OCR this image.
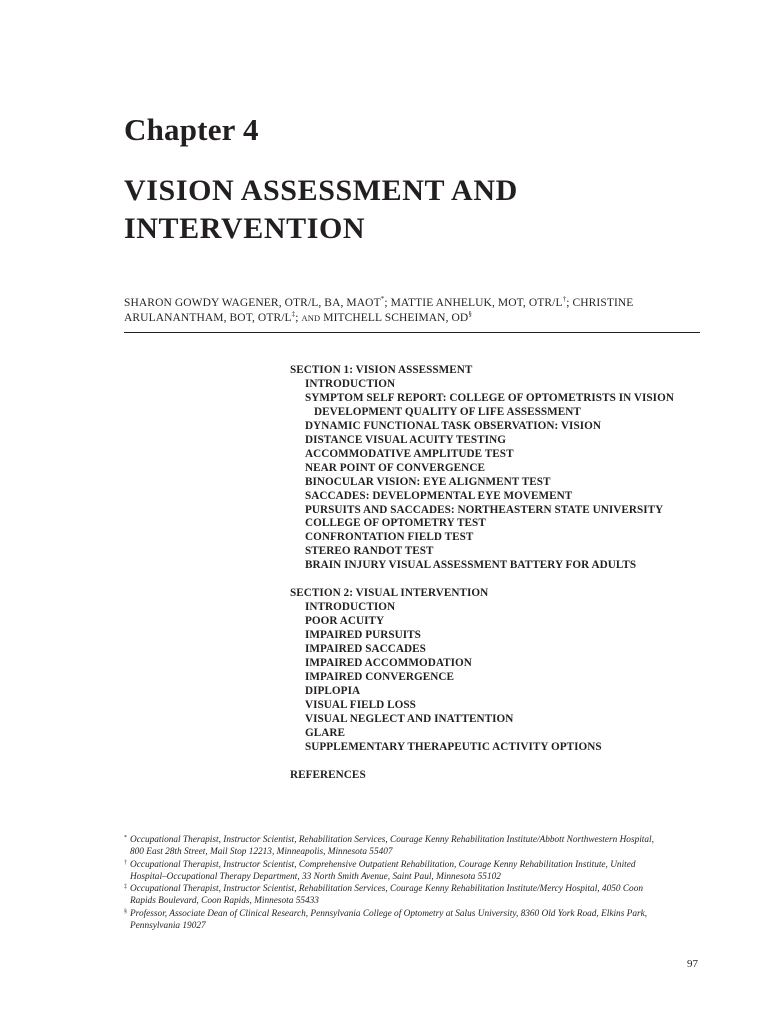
Chapter 4
VISION ASSESSMENT AND
INTERVENTION
SHARON GOWDY WAGENER, OTR/L, BA, MAOT*; MATTIE ANHELUK, MOT, OTR/L†; CHRISTINE
ARULANANTHAM, BOT, OTR/L‡; AND MITCHELL SCHEIMAN, OD§
SECTION 1: VISION ASSESSMENT
INTRODUCTION
SYMPTOM SELF REPORT: COLLEGE OF OPTOMETRISTS IN VISION
DEVELOPMENT QUALITY OF LIFE ASSESSMENT
DYNAMIC FUNCTIONAL TASK OBSERVATION: VISION
DISTANCE VISUAL ACUITY TESTING
ACCOMMODATIVE AMPLITUDE TEST
NEAR POINT OF CONVERGENCE
BINOCULAR VISION: EYE ALIGNMENT TEST
SACCADES: DEVELOPMENTAL EYE MOVEMENT
PURSUITS AND SACCADES: NORTHEASTERN STATE UNIVERSITY
COLLEGE OF OPTOMETRY TEST
CONFRONTATION FIELD TEST
STEREO RANDOT TEST
BRAIN INJURY VISUAL ASSESSMENT BATTERY FOR ADULTS
SECTION 2: VISUAL INTERVENTION
INTRODUCTION
POOR ACUITY
IMPAIRED PURSUITS
IMPAIRED SACCADES
IMPAIRED ACCOMMODATION
IMPAIRED CONVERGENCE
DIPLOPIA
VISUAL FIELD LOSS
VISUAL NEGLECT AND INATTENTION
GLARE
SUPPLEMENTARY THERAPEUTIC ACTIVITY OPTIONS
REFERENCES
* Occupational Therapist, Instructor Scientist, Rehabilitation Services, Courage Kenny Rehabilitation Institute/Abbott Northwestern Hospital,
800 East 28th Street, Mail Stop 12213, Minneapolis, Minnesota 55407
† Occupational Therapist, Instructor Scientist, Comprehensive Outpatient Rehabilitation, Courage Kenny Rehabilitation Institute, United
Hospital–Occupational Therapy Department, 33 North Smith Avenue, Saint Paul, Minnesota 55102
‡ Occupational Therapist, Instructor Scientist, Rehabilitation Services, Courage Kenny Rehabilitation Institute/Mercy Hospital, 4050 Coon
Rapids Boulevard, Coon Rapids, Minnesota 55433
§ Professor, Associate Dean of Clinical Research, Pennsylvania College of Optometry at Salus University, 8360 Old York Road, Elkins Park,
Pennsylvania 19027
97
